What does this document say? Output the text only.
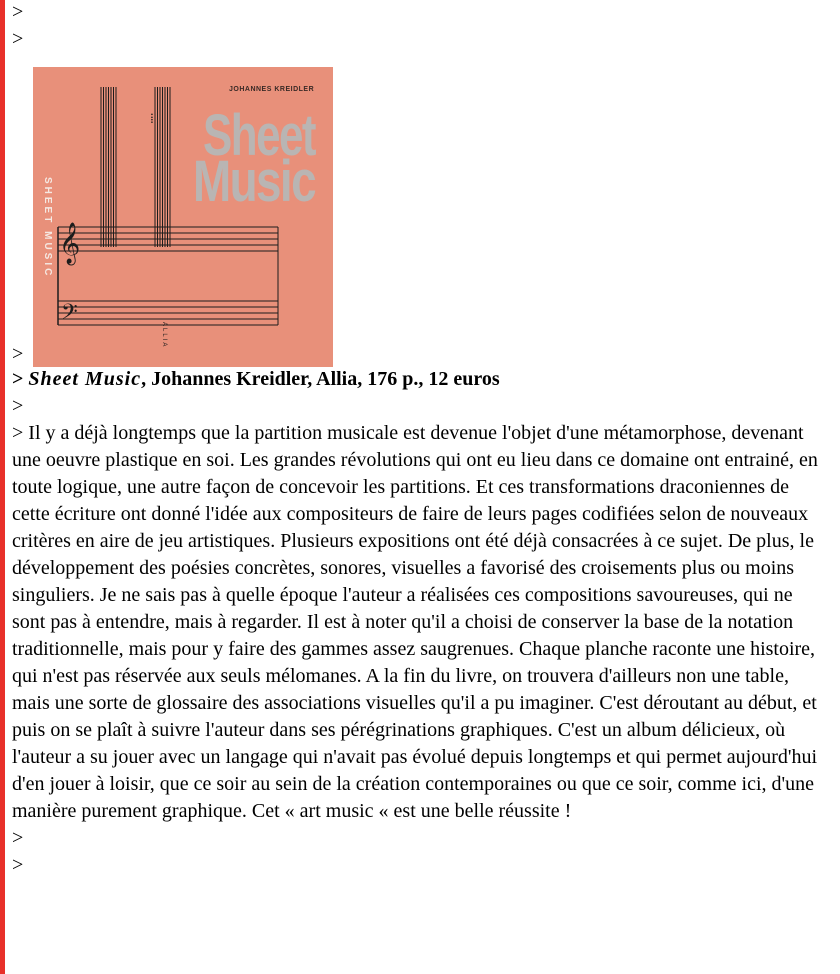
>
>
⁞
𝄞
𝄢
SHEET MUSIC
ALLIA
JOHANNES KREIDLER
Sheet
Music
>
> Sheet Music, Johannes Kreidler, Allia, 176 p., 12 euros
>
> Il y a déjà longtemps que la partition musicale est devenue l'objet d'une métamorphose, devenant une oeuvre plastique en soi. Les grandes révolutions qui ont eu lieu dans ce domaine ont entrainé, en toute logique, une autre façon de concevoir les partitions. Et ces transformations draconiennes de cette écriture ont donné l'idée aux compositeurs de faire de leurs pages codifiées selon de nouveaux critères en aire de jeu artistiques. Plusieurs expositions ont été déjà consacrées à ce sujet. De plus, le développement des poésies concrètes, sonores, visuelles a favorisé des croisements plus ou moins singuliers. Je ne sais pas à quelle époque l'auteur a réalisées ces compositions savoureuses, qui ne sont pas à entendre, mais à regarder. Il est à noter qu'il a choisi de conserver la base de la notation traditionnelle, mais pour y faire des gammes assez saugrenues. Chaque planche raconte une histoire, qui n'est pas réservée aux seuls mélomanes. A la fin du livre, on trouvera d'ailleurs non une table, mais une sorte de glossaire des associations visuelles qu'il a pu imaginer. C'est déroutant au début, et puis on se plaît à suivre l'auteur dans ses pérégrinations graphiques. C'est un album délicieux, où l'auteur a su jouer avec un langage qui n'avait pas évolué depuis longtemps et qui permet aujourd'hui d'en jouer à loisir, que ce soir au sein de la création contemporaines ou que ce soir, comme ici, d'une manière purement graphique. Cet « art music « est une belle réussite !
>
>
